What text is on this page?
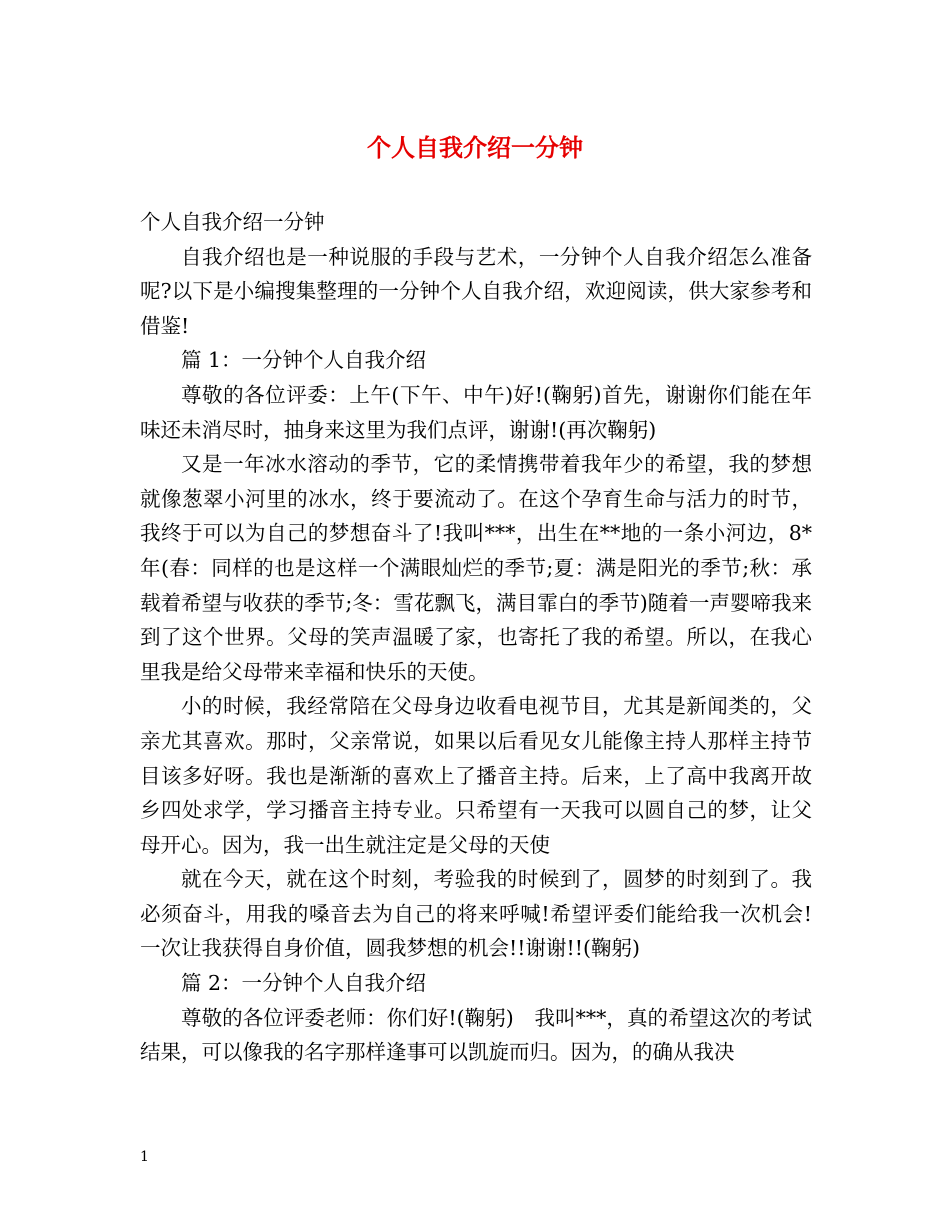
个人自我介绍一分钟

个人自我介绍一分钟

自我介绍也是一种说服的手段与艺术，一分钟个人自我介绍怎么准备呢?以下是小编搜集整理的一分钟个人自我介绍，欢迎阅读，供大家参考和借鉴!

篇 1：一分钟个人自我介绍

尊敬的各位评委：上午(下午、中午)好!(鞠躬)首先，谢谢你们能在年味还未消尽时，抽身来这里为我们点评，谢谢!(再次鞠躬)

又是一年冰水溶动的季节，它的柔情携带着我年少的希望，我的梦想就像葱翠小河里的冰水，终于要流动了。在这个孕育生命与活力的时节，我终于可以为自己的梦想奋斗了!我叫***，出生在**地的一条小河边，8*年(春：同样的也是这样一个满眼灿烂的季节;夏：满是阳光的季节;秋：承载着希望与收获的季节;冬：雪花飘飞，满目霏白的季节)随着一声婴啼我来到了这个世界。父母的笑声温暖了家，也寄托了我的希望。所以，在我心里我是给父母带来幸福和快乐的天使。

小的时候，我经常陪在父母身边收看电视节目，尤其是新闻类的，父亲尤其喜欢。那时，父亲常说，如果以后看见女儿能像主持人那样主持节目该多好呀。我也是渐渐的喜欢上了播音主持。后来，上了高中我离开故乡四处求学，学习播音主持专业。只希望有一天我可以圆自己的梦，让父母开心。因为，我一出生就注定是父母的天使

就在今天，就在这个时刻，考验我的时候到了，圆梦的时刻到了。我必须奋斗，用我的嗓音去为自己的将来呼喊!希望评委们能给我一次机会!一次让我获得自身价值，圆我梦想的机会!!谢谢!!(鞠躬)

篇 2：一分钟个人自我介绍

尊敬的各位评委老师：你们好!(鞠躬)　我叫***，真的希望这次的考试结果，可以像我的名字那样逢事可以凯旋而归。因为，的确从我决

1
